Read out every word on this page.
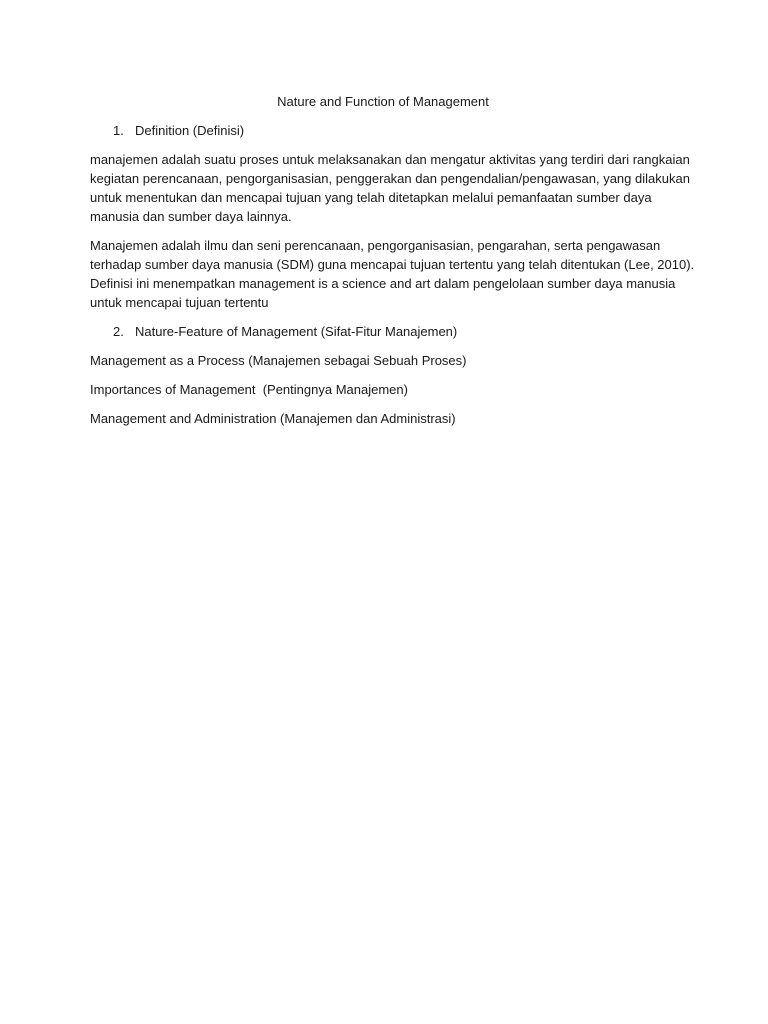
Nature and Function of Management
1. Definition (Definisi)

manajemen adalah suatu proses untuk melaksanakan dan mengatur aktivitas yang terdiri dari rangkaian
kegiatan perencanaan, pengorganisasian, penggerakan dan pengendalian/pengawasan, yang dilakukan
untuk menentukan dan mencapai tujuan yang telah ditetapkan melalui pemanfaatan sumber daya
manusia dan sumber daya lainnya.

Manajemen adalah ilmu dan seni perencanaan, pengorganisasian, pengarahan, serta pengawasan
terhadap sumber daya manusia (SDM) guna mencapai tujuan tertentu yang telah ditentukan (Lee, 2010).
Definisi ini menempatkan management is a science and art dalam pengelolaan sumber daya manusia
untuk mencapai tujuan tertentu

2. Nature-Feature of Management (Sifat-Fitur Manajemen)

Management as a Process (Manajemen sebagai Sebuah Proses)

Importances of Management  (Pentingnya Manajemen)

Management and Administration (Manajemen dan Administrasi)
